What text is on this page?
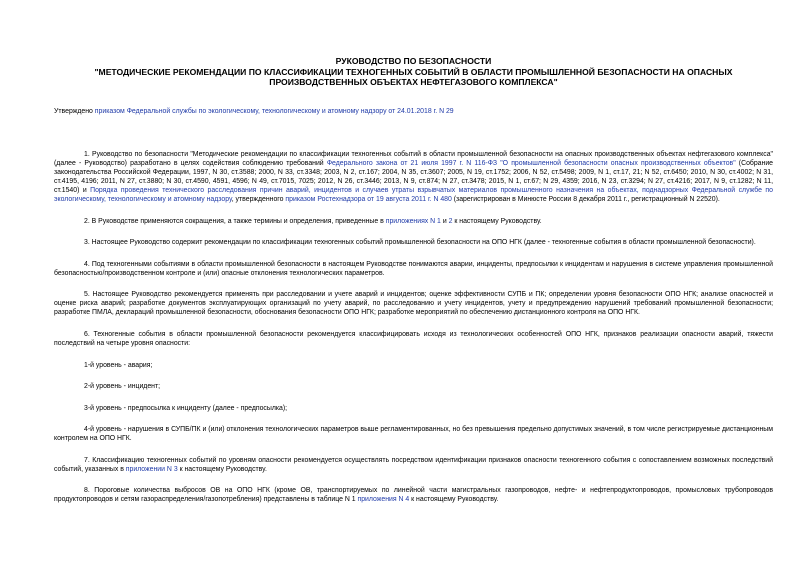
РУКОВОДСТВО ПО БЕЗОПАСНОСТИ
"МЕТОДИЧЕСКИЕ РЕКОМЕНДАЦИИ ПО КЛАССИФИКАЦИИ ТЕХНОГЕННЫХ СОБЫТИЙ В ОБЛАСТИ ПРОМЫШЛЕННОЙ БЕЗОПАСНОСТИ НА ОПАСНЫХ
ПРОИЗВОДСТВЕННЫХ ОБЪЕКТАХ НЕФТЕГАЗОВОГО КОМПЛЕКСА"
Утверждено приказом Федеральной службы по экологическому, технологическому и атомному надзору от 24.01.2018 г. N 29

1. Руководство по безопасности "Методические рекомендации по классификации техногенных событий в области промышленной безопасности на опасных производственных объектах нефтегазового комплекса" (далее - Руководство) разработано в целях содействия соблюдению требований Федерального закона от 21 июля 1997 г. N 116-ФЗ "О промышленной безопасности опасных производственных объектов" (Собрание законодательства Российской Федерации, 1997, N 30, ст.3588; 2000, N 33, ст.3348; 2003, N 2, ст.167; 2004, N 35, ст.3607; 2005, N 19, ст.1752; 2006, N 52, ст.5498; 2009, N 1, ст.17, 21; N 52, ст.6450; 2010, N 30, ст.4002; N 31, ст.4195, 4196; 2011, N 27, ст.3880; N 30, ст.4590, 4591, 4596; N 49, ст.7015, 7025; 2012, N 26, ст.3446; 2013, N 9, ст.874; N 27, ст.3478; 2015, N 1, ст.67; N 29, 4359; 2016, N 23, ст.3294; N 27, ст.4216; 2017, N 9, ст.1282; N 11, ст.1540) и Порядка проведения технического расследования причин аварий, инцидентов и случаев утраты взрывчатых материалов промышленного назначения на объектах, поднадзорных Федеральной службе по экологическому, технологическому и атомному надзору, утвержденного приказом Ростехнадзора от 19 августа 2011 г. N 480 (зарегистрирован в Минюсте России 8 декабря 2011 г., регистрационный N 22520).

2. В Руководстве применяются сокращения, а также термины и определения, приведенные в приложениях N 1 и 2 к настоящему Руководству.

3. Настоящее Руководство содержит рекомендации по классификации техногенных событий промышленной безопасности на ОПО НГК (далее - техногенные события в области промышленной безопасности).

4. Под техногенными событиями в области промышленной безопасности в настоящем Руководстве понимаются аварии, инциденты, предпосылки к инцидентам и нарушения в системе управления промышленной безопасностью/производственном контроле и (или) опасные отклонения технологических параметров.

5. Настоящее Руководство рекомендуется применять при расследовании и учете аварий и инцидентов; оценке эффективности СУПБ и ПК; определении уровня безопасности ОПО НГК; анализе опасностей и оценке риска аварий; разработке документов эксплуатирующих организаций по учету аварий, по расследованию и учету инцидентов, учету и предупреждению нарушений требований промышленной безопасности; разработке ПМЛА, деклараций промышленной безопасности, обоснования безопасности ОПО НГК; разработке мероприятий по обеспечению дистанционного контроля на ОПО НГК.

6. Техногенные события в области промышленной безопасности рекомендуется классифицировать исходя из технологических особенностей ОПО НГК, признаков реализации опасности аварий, тяжести последствий на четыре уровня опасности:

1-й уровень - авария;

2-й уровень - инцидент;

3-й уровень - предпосылка к инциденту (далее - предпосылка);

4-й уровень - нарушения в СУПБ/ПК и (или) отклонения технологических параметров выше регламентированных, но без превышения предельно допустимых значений, в том числе регистрируемые дистанционным контролем на ОПО НГК.

7. Классификацию техногенных событий по уровням опасности рекомендуется осуществлять посредством идентификации признаков опасности техногенного события с сопоставлением возможных последствий событий, указанных в приложении N 3 к настоящему Руководству.

8. Пороговые количества выбросов ОВ на ОПО НГК (кроме ОВ, транспортируемых по линейной части магистральных газопроводов, нефте- и нефтепродуктопроводов, промысловых трубопроводов продуктопроводов и сетям газораспределения/газопотребления) представлены в таблице N 1 приложения N 4 к настоящему Руководству.
